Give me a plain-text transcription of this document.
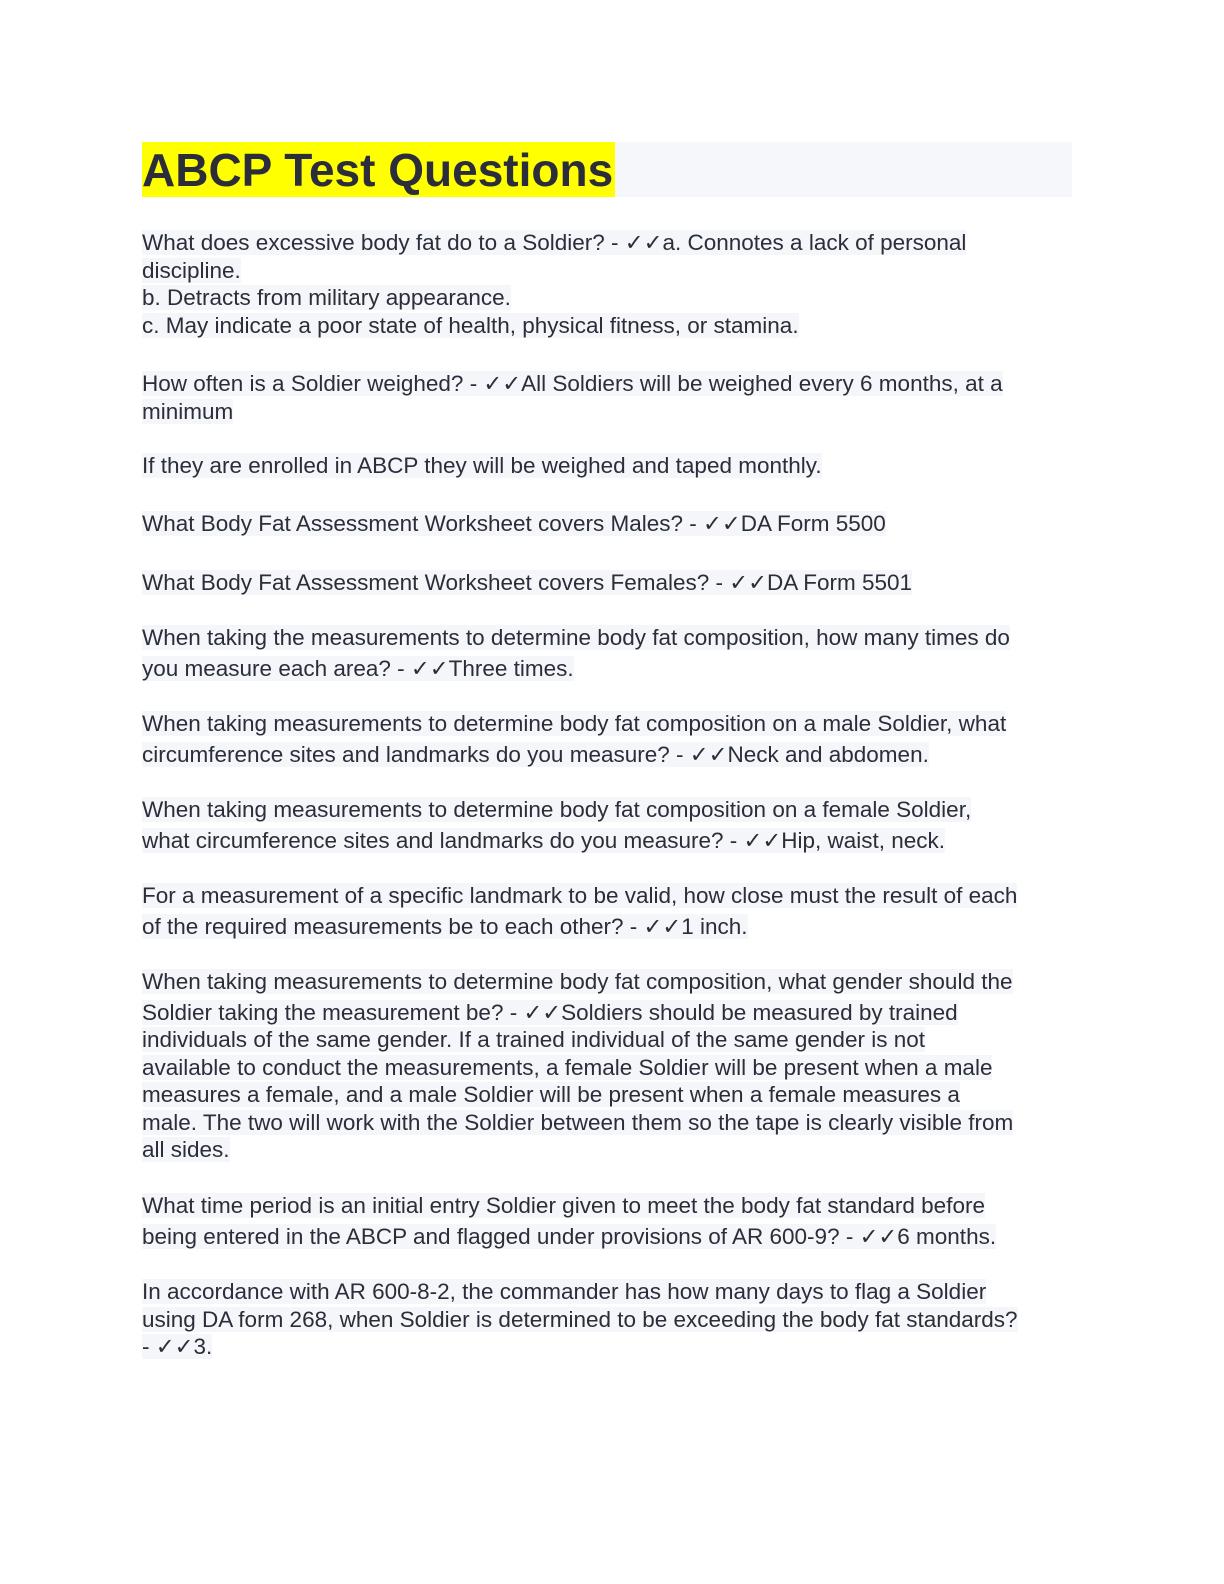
ABCP Test Questions
What does excessive body fat do to a Soldier? - ✓✓a. Connotes a lack of personal
discipline.
b. Detracts from military appearance.
c. May indicate a poor state of health, physical fitness, or stamina.
How often is a Soldier weighed? - ✓✓All Soldiers will be weighed every 6 months, at a
minimum
If they are enrolled in ABCP they will be weighed and taped monthly.
What Body Fat Assessment Worksheet covers Males? - ✓✓DA Form 5500
What Body Fat Assessment Worksheet covers Females? - ✓✓DA Form 5501
When taking the measurements to determine body fat composition, how many times do
you measure each area? - ✓✓Three times.
When taking measurements to determine body fat composition on a male Soldier, what
circumference sites and landmarks do you measure? - ✓✓Neck and abdomen.
When taking measurements to determine body fat composition on a female Soldier,
what circumference sites and landmarks do you measure? - ✓✓Hip, waist, neck.
For a measurement of a specific landmark to be valid, how close must the result of each
of the required measurements be to each other? - ✓✓1 inch.
When taking measurements to determine body fat composition, what gender should the
Soldier taking the measurement be? - ✓✓Soldiers should be measured by trained
individuals of the same gender. If a trained individual of the same gender is not
available to conduct the measurements, a female Soldier will be present when a male
measures a female, and a male Soldier will be present when a female measures a
male. The two will work with the Soldier between them so the tape is clearly visible from
all sides.
What time period is an initial entry Soldier given to meet the body fat standard before
being entered in the ABCP and flagged under provisions of AR 600-9? - ✓✓6 months.
In accordance with AR 600-8-2, the commander has how many days to flag a Soldier
using DA form 268, when Soldier is determined to be exceeding the body fat standards?
- ✓✓3.
